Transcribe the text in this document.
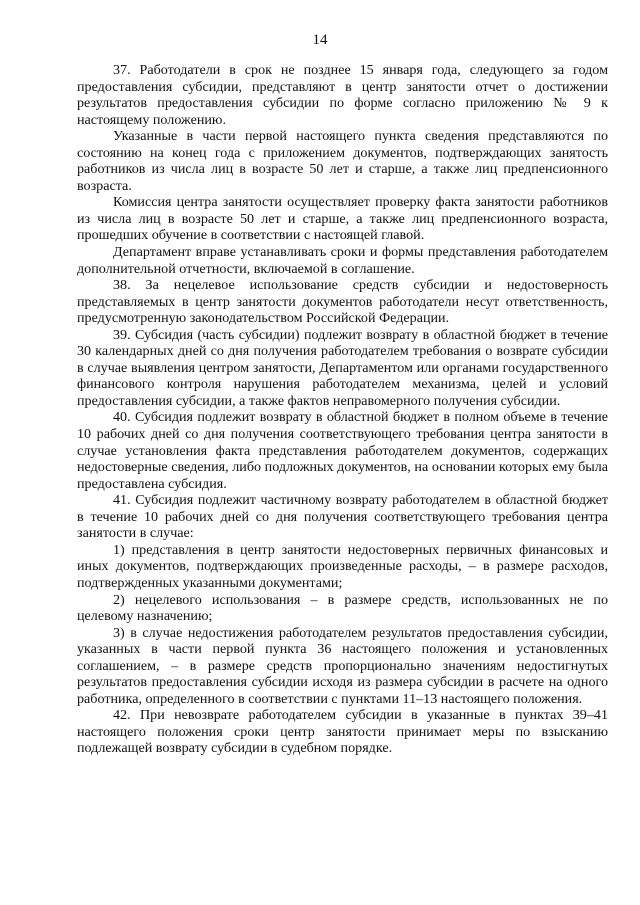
14

37. Работодатели в срок не позднее 15 января года, следующего за годом предоставления субсидии, представляют в центр занятости отчет о достижении результатов предоставления субсидии по форме согласно приложению № 9 к настоящему положению.

Указанные в части первой настоящего пункта сведения представляются по состоянию на конец года с приложением документов, подтверждающих занятость работников из числа лиц в возрасте 50 лет и старше, а также лиц предпенсионного возраста.

Комиссия центра занятости осуществляет проверку факта занятости работников из числа лиц в возрасте 50 лет и старше, а также лиц предпенсионного возраста, прошедших обучение в соответствии с настоящей главой.

Департамент вправе устанавливать сроки и формы представления работодателем дополнительной отчетности, включаемой в соглашение.

38. За нецелевое использование средств субсидии и недостоверность представляемых в центр занятости документов работодатели несут ответственность, предусмотренную законодательством Российской Федерации.

39. Субсидия (часть субсидии) подлежит возврату в областной бюджет в течение 30 календарных дней со дня получения работодателем требования о возврате субсидии в случае выявления центром занятости, Департаментом или органами государственного финансового контроля нарушения работодателем механизма, целей и условий предоставления субсидии, а также фактов неправомерного получения субсидии.

40. Субсидия подлежит возврату в областной бюджет в полном объеме в течение 10 рабочих дней со дня получения соответствующего требования центра занятости в случае установления факта представления работодателем документов, содержащих недостоверные сведения, либо подложных документов, на основании которых ему была предоставлена субсидия.

41. Субсидия подлежит частичному возврату работодателем в областной бюджет в течение 10 рабочих дней со дня получения соответствующего требования центра занятости в случае:

1) представления в центр занятости недостоверных первичных финансовых и иных документов, подтверждающих произведенные расходы, – в размере расходов, подтвержденных указанными документами;

2) нецелевого использования – в размере средств, использованных не по целевому назначению;

3) в случае недостижения работодателем результатов предоставления субсидии, указанных в части первой пункта 36 настоящего положения и установленных соглашением, – в размере средств пропорционально значениям недостигнутых результатов предоставления субсидии исходя из размера субсидии в расчете на одного работника, определенного в соответствии с пунктами 11–13 настоящего положения.

42. При невозврате работодателем субсидии в указанные в пунктах 39–41 настоящего положения сроки центр занятости принимает меры по взысканию подлежащей возврату субсидии в судебном порядке.
